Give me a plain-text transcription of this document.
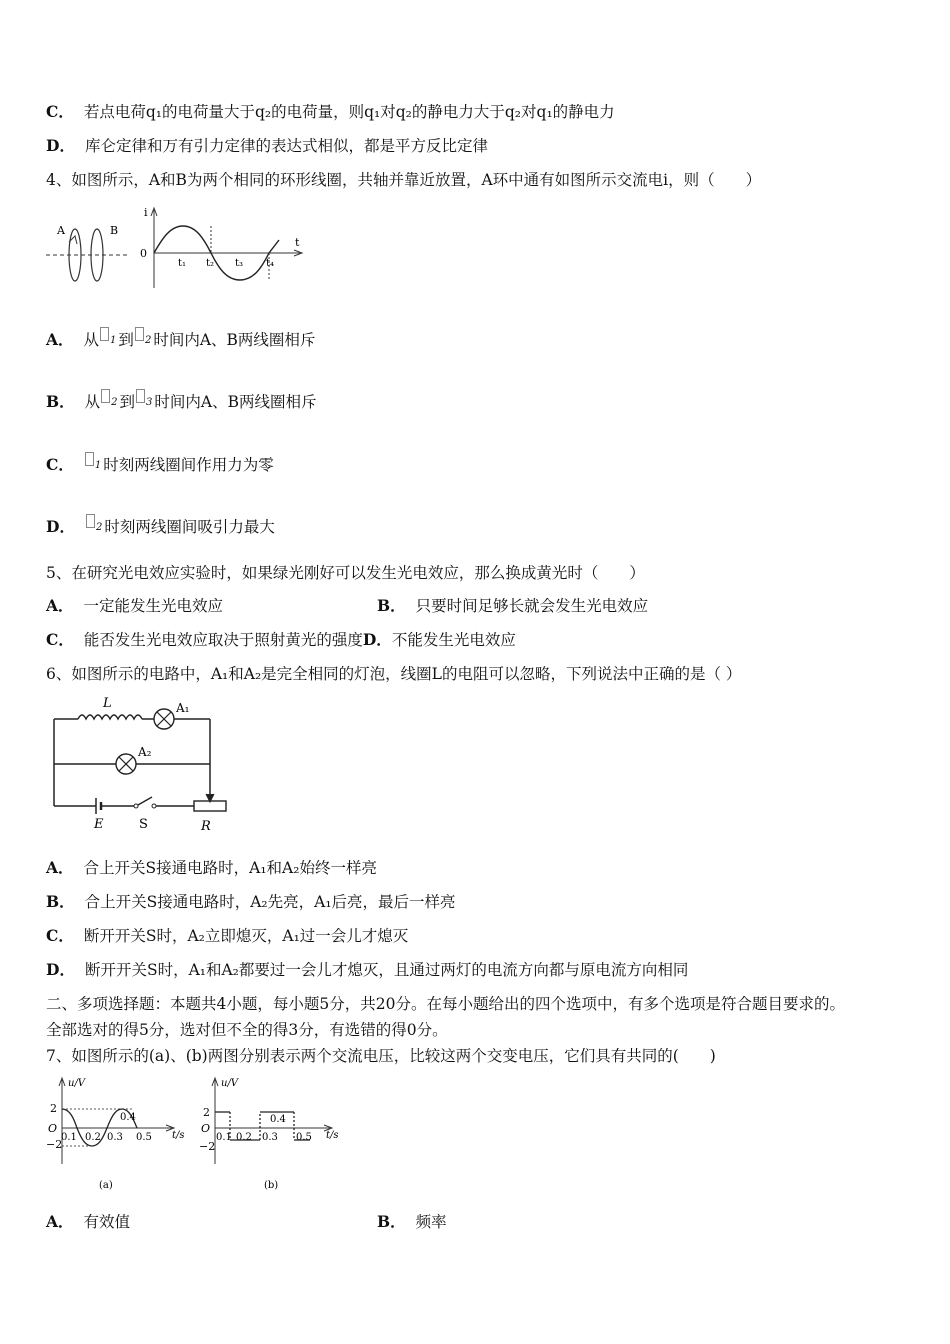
C． 若点电荷q₁的电荷量大于q₂的电荷量，则q₁对q₂的静电力大于q₂对q₁的静电力
D． 库仑定律和万有引力定律的表达式相似，都是平方反比定律
4、如图所示，A和B为两个相同的环形线圈，共轴并靠近放置，A环中通有如图所示交流电i，则（　　）
A	B
i
t
0
t₁ t₂ t₃ t₄
A． 从 1 到 2 时间内A、B两线圈相斥
B． 从 2 到 3 时间内A、B两线圈相斥
C． 1 时刻两线圈间作用力为零
D． 2 时刻两线圈间吸引力最大
5、在研究光电效应实验时，如果绿光刚好可以发生光电效应，那么换成黄光时（　　）
A． 一定能发生光电效应	B． 只要时间足够长就会发生光电效应
C． 能否发生光电效应取决于照射黄光的强度D．不能发生光电效应
6、如图所示的电路中，A₁和A₂是完全相同的灯泡，线圈L的电阻可以忽略，下列说法中正确的是（ ）
L	A₁
A₂
E	S	R
A． 合上开关S接通电路时，A₁和A₂始终一样亮
B． 合上开关S接通电路时，A₂先亮，A₁后亮，最后一样亮
C． 断开开关S时，A₂立即熄灭，A₁过一会儿才熄灭
D． 断开开关S时，A₁和A₂都要过一会儿才熄灭，且通过两灯的电流方向都与原电流方向相同
二、多项选择题：本题共4小题，每小题5分，共20分。在每小题给出的四个选项中，有多个选项是符合题目要求的。
全部选对的得5分，选对但不全的得3分，有选错的得0分。
7、如图所示的(a)、(b)两图分别表示两个交流电压，比较这两个交变电压，它们具有共同的(　　)
u/V
t/s
O
2
−2
0.1 0.2 0.3
0.4
0.5
(a)
u/V
t/s
O
2
−2
0.1 0.2 0.3
0.4
0.5
(b)
A． 有效值	B． 频率
